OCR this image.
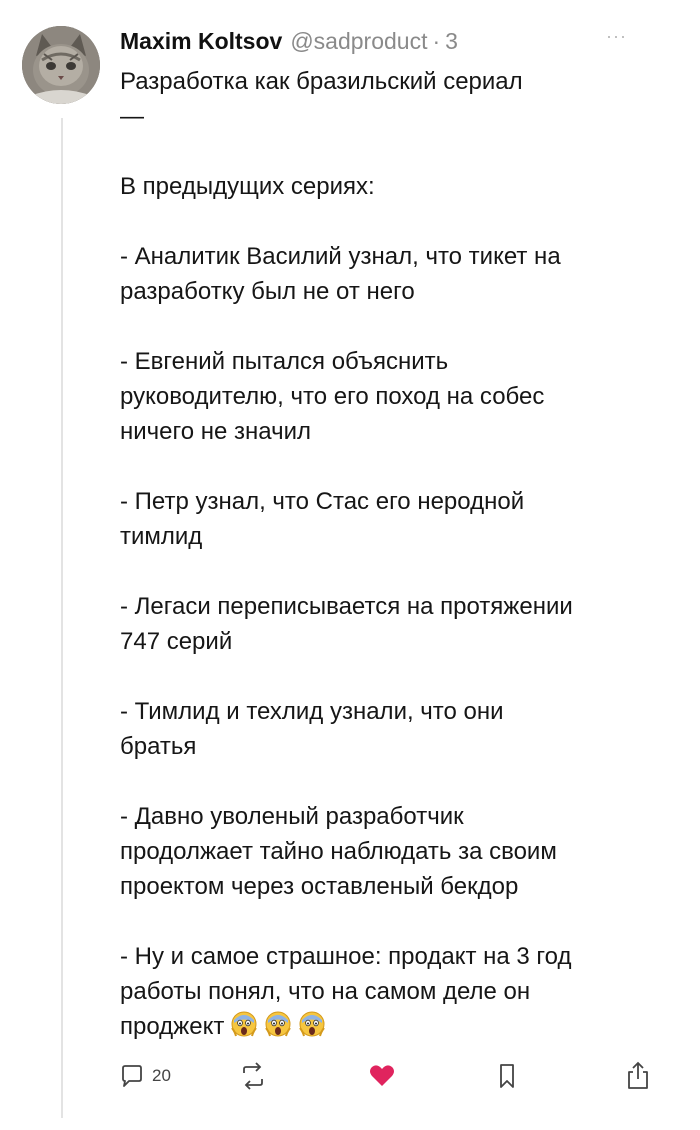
Maxim Koltsov @sadproduct · 3	···

Разработка как бразильский сериал

—

В предыдущих сериях:

- Аналитик Василий узнал, что тикет на
разработку был не от него

- Евгений пытался объяснить
руководителю, что его поход на собес
ничего не значил

- Петр узнал, что Стас его неродной
тимлид

- Легаси переписывается на протяжении
747 серий

- Тимлид и техлид узнали, что они
братья

- Давно уволеный разработчик
продолжает тайно наблюдать за своим
проектом через оставленый бекдор

- Ну и самое страшное: продакт на 3 год
работы понял, что на самом деле он
проджект

20
